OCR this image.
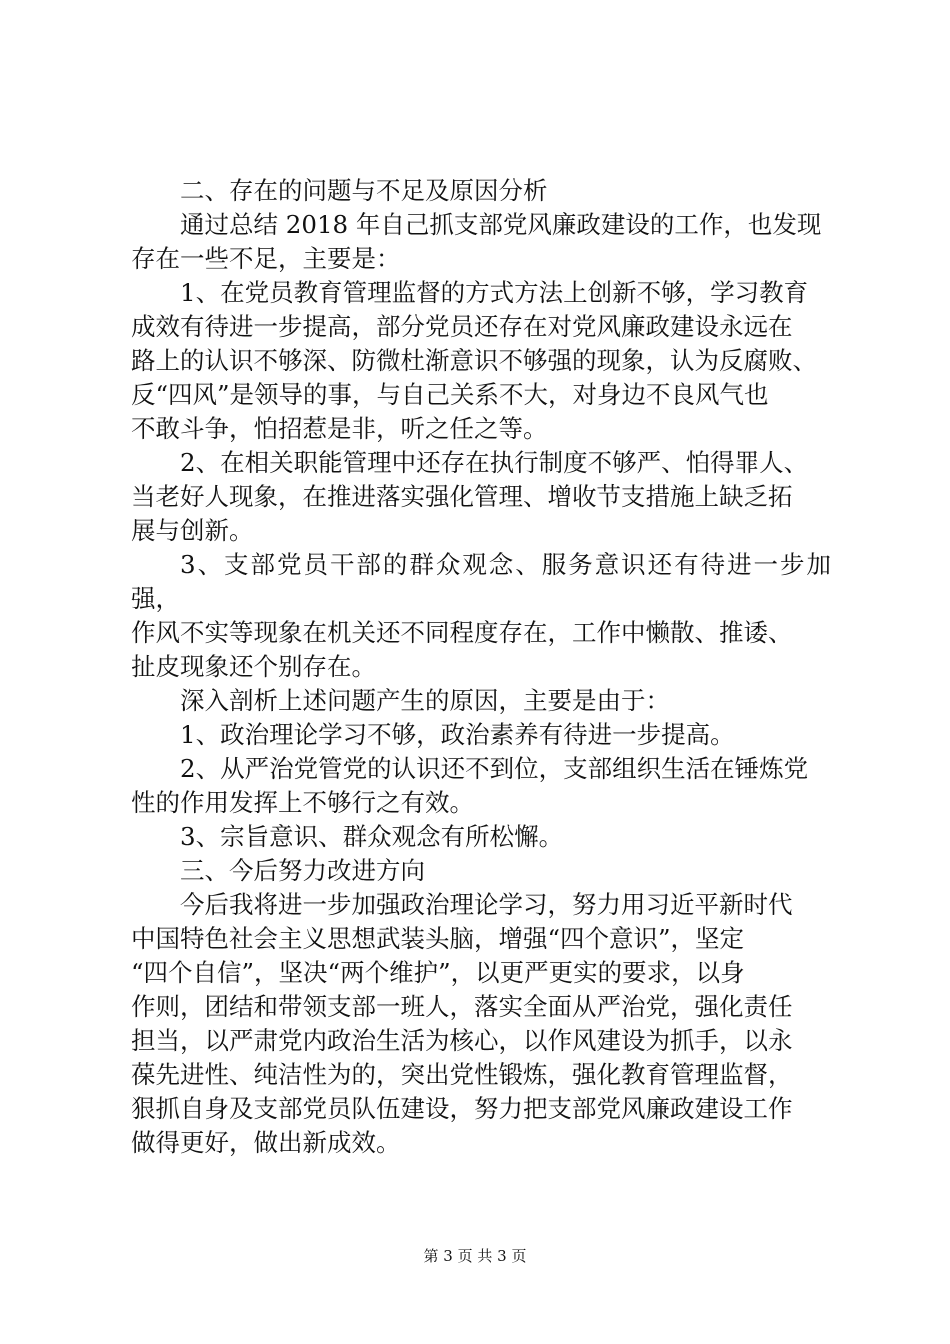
二、存在的问题与不足及原因分析

通过总结 2018 年自己抓支部党风廉政建设的工作，也发现
存在一些不足，主要是：

1、在党员教育管理监督的方式方法上创新不够，学习教育
成效有待进一步提高，部分党员还存在对党风廉政建设永远在
路上的认识不够深、防微杜渐意识不够强的现象，认为反腐败、
反“四风”是领导的事，与自己关系不大，对身边不良风气也
不敢斗争，怕招惹是非，听之任之等。

2、在相关职能管理中还存在执行制度不够严、怕得罪人、
当老好人现象，在推进落实强化管理、增收节支措施上缺乏拓
展与创新。

3、支部党员干部的群众观念、服务意识还有待进一步加强，
作风不实等现象在机关还不同程度存在，工作中懒散、推诿、
扯皮现象还个别存在。

深入剖析上述问题产生的原因，主要是由于：

1、政治理论学习不够，政治素养有待进一步提高。

2、从严治党管党的认识还不到位，支部组织生活在锤炼党
性的作用发挥上不够行之有效。

3、宗旨意识、群众观念有所松懈。

三、今后努力改进方向

今后我将进一步加强政治理论学习，努力用习近平新时代
中国特色社会主义思想武装头脑，增强“四个意识”，坚定
“四个自信”，坚决“两个维护”，以更严更实的要求，以身
作则，团结和带领支部一班人，落实全面从严治党，强化责任
担当，以严肃党内政治生活为核心，以作风建设为抓手，以永
葆先进性、纯洁性为的，突出党性锻炼，强化教育管理监督，
狠抓自身及支部党员队伍建设，努力把支部党风廉政建设工作
做得更好，做出新成效。

第 3 页 共 3 页
